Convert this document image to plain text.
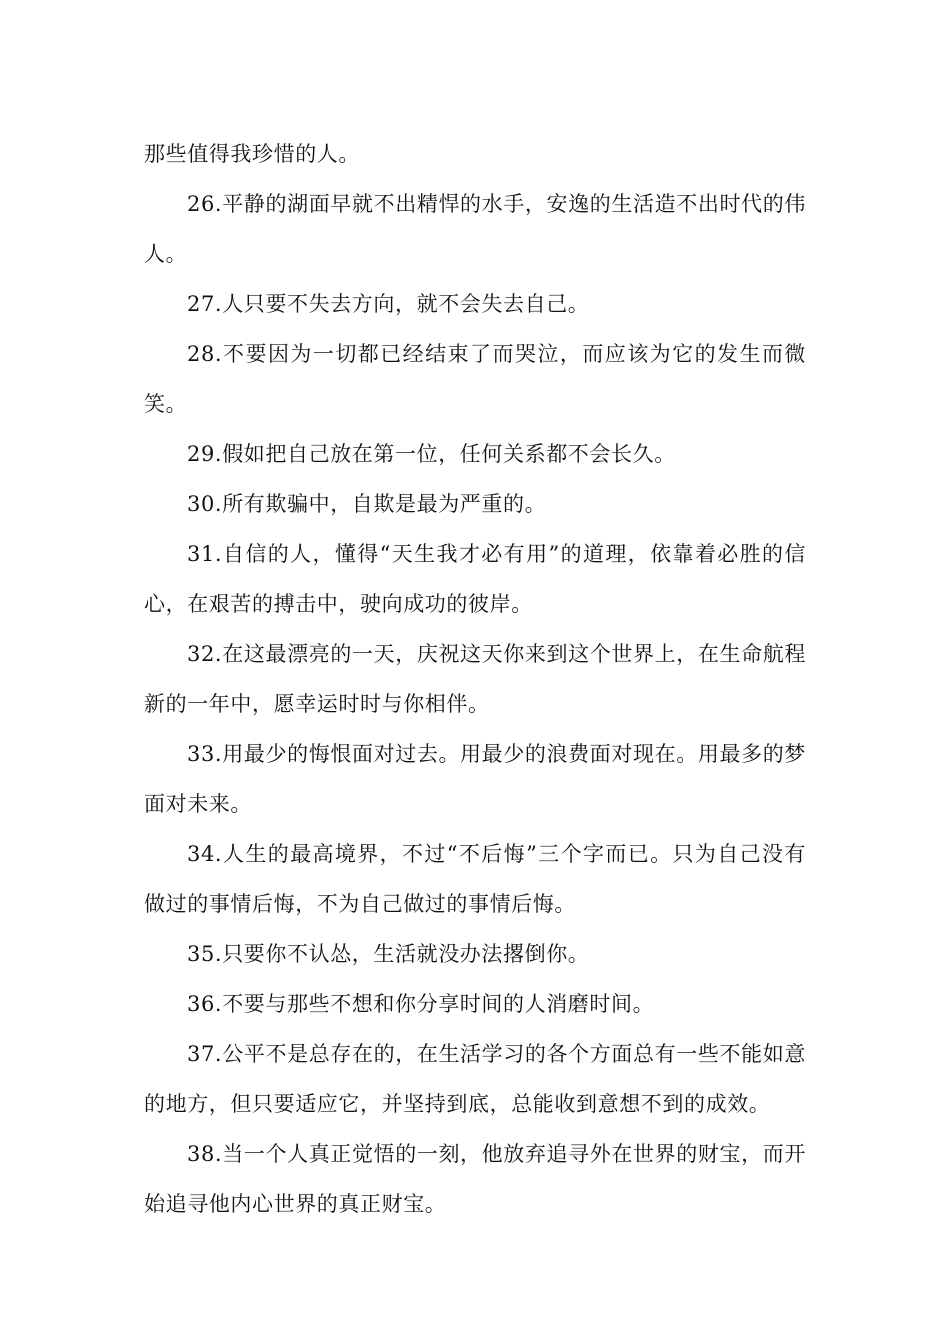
那些值得我珍惜的人。

26.平静的湖面早就不出精悍的水手，安逸的生活造不出时代的伟人。

27.人只要不失去方向，就不会失去自己。

28.不要因为一切都已经结束了而哭泣，而应该为它的发生而微笑。

29.假如把自己放在第一位，任何关系都不会长久。

30.所有欺骗中，自欺是最为严重的。

31.自信的人，懂得“天生我才必有用”的道理，依靠着必胜的信心，在艰苦的搏击中，驶向成功的彼岸。

32.在这最漂亮的一天，庆祝这天你来到这个世界上，在生命航程新的一年中，愿幸运时时与你相伴。

33.用最少的悔恨面对过去。用最少的浪费面对现在。用最多的梦面对未来。

34.人生的最高境界，不过“不后悔”三个字而已。只为自己没有做过的事情后悔，不为自己做过的事情后悔。

35.只要你不认怂，生活就没办法撂倒你。

36.不要与那些不想和你分享时间的人消磨时间。

37.公平不是总存在的，在生活学习的各个方面总有一些不能如意的地方，但只要适应它，并坚持到底，总能收到意想不到的成效。

38.当一个人真正觉悟的一刻，他放弃追寻外在世界的财宝，而开始追寻他内心世界的真正财宝。
